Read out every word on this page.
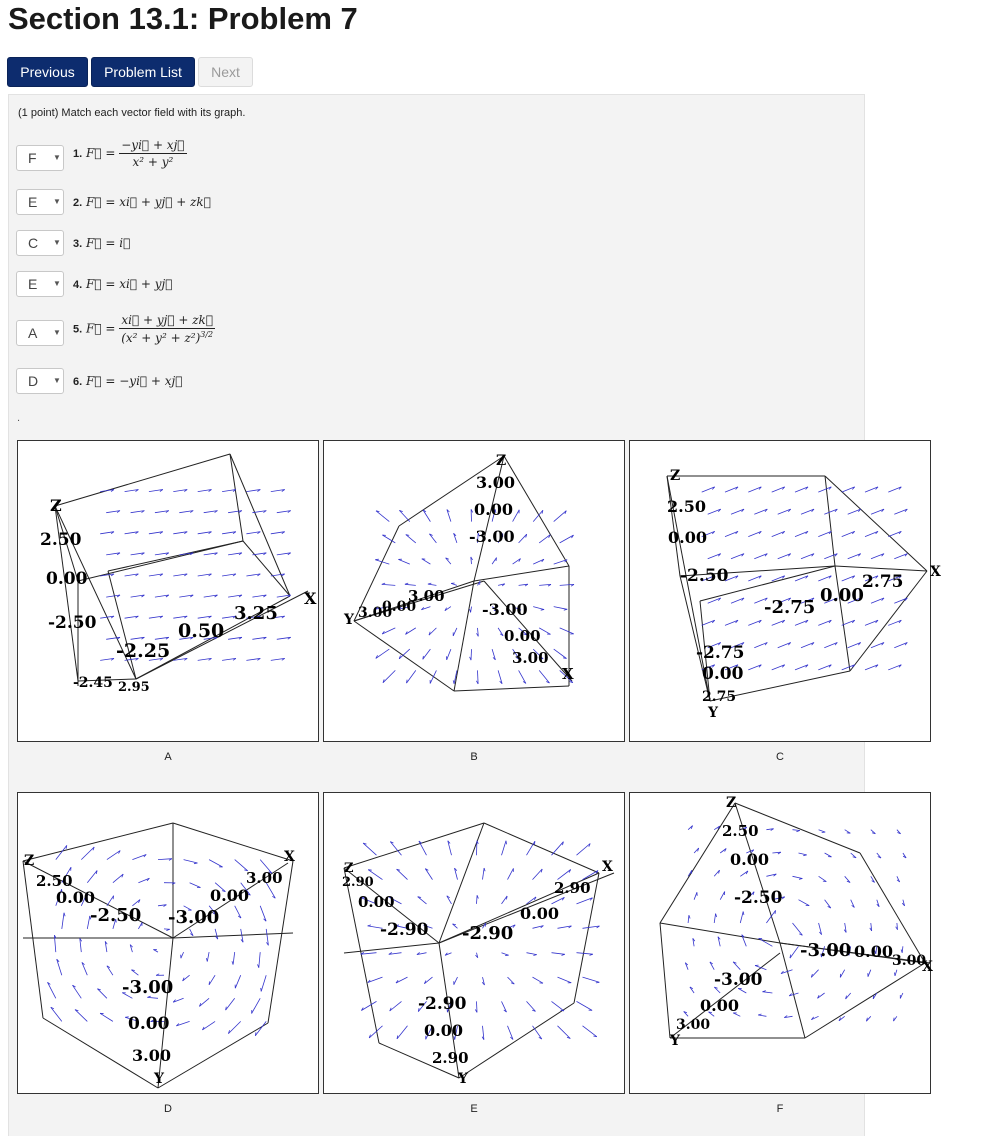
Section 13.1: Problem 7
Previous	Problem List	Next
(1 point) Match each vector field with its graph.
F ▼ 1. F⃗ = $\frac{-yi⃗ + xj⃗}{\text{x² + y²}}$
E ▼ 2. F⃗ = xi⃗ + yj⃗ + zk⃗
C ▼ 3. F⃗ = i⃗
E ▼ 4. F⃗ = xi⃗ + yj⃗
A ▼ 5. F⃗ = $\frac{xi⃗ + yj⃗ + zk⃗}{(x^2 + y^2 + z^2)^{3/2}}$
D ▼ 6. F⃗ = −yi⃗ + xj⃗
.
Z
2.50
0.00
-2.50
-2.25
0.50
3.25
X
-2.45 2.95
Z
3.00
0.00
-3.00
Y 3.00
0.00
3.00
-3.00
0.00
3.00
X
Z
2.50
0.00
-2.50
-2.75
0.00
2.75 X
-2.75
0.00
2.75
Y
Z
2.50
0.00
-2.50 -3.00
0.00
3.00
X
-3.00
0.00
3.00
Y
Z
2.90
0.00
-2.90 -2.90
0.00
2.90
X
-2.90
0.00
2.90
Y
Z
2.50
0.00
-2.50
-3.00 0.00 3.00
X
-3.00
0.00
3.00
Y
A	B	C
D	E	F
